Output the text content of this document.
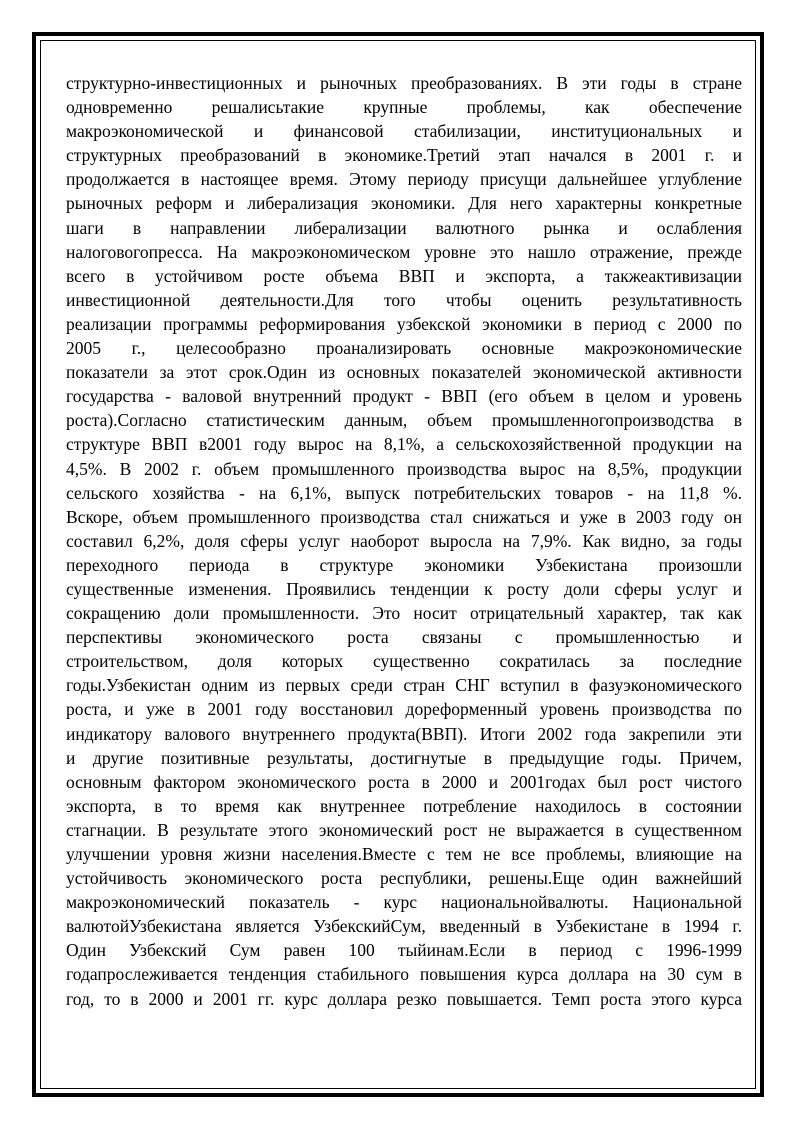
структурно-инвестиционных и рыночных преобразованиях. В эти годы в стране
одновременно решалисьтакие крупные проблемы, как обеспечение
макроэкономической и финансовой стабилизации, институциональных и
структурных преобразований в экономике.Третий этап начался в 2001 г. и
продолжается в настоящее время. Этому периоду присущи дальнейшее углубление
рыночных реформ и либерализация экономики. Для него характерны конкретные
шаги в направлении либерализации валютного рынка и ослабления
налоговогопресса. На макроэкономическом уровне это нашло отражение, прежде
всего в устойчивом росте объема ВВП и экспорта, а такжеактивизации
инвестиционной деятельности.Для того чтобы оценить результативность
реализации программы реформирования узбекской экономики в период с 2000 по
2005 г., целесообразно проанализировать основные макроэкономические
показатели за этот срок.Один из основных показателей экономической активности
государства - валовой внутренний продукт - ВВП (его объем в целом и уровень
роста).Согласно статистическим данным, объем промышленногопроизводства в
структуре ВВП в2001 году вырос на 8,1%, а сельскохозяйственной продукции на
4,5%. В 2002 г. объем промышленного производства вырос на 8,5%, продукции
сельского хозяйства - на 6,1%, выпуск потребительских товаров - на 11,8 %.
Вскоре, объем промышленного производства стал снижаться и уже в 2003 году он
составил 6,2%, доля сферы услуг наоборот выросла на 7,9%. Как видно, за годы
переходного периода в структуре экономики Узбекистана произошли
существенные изменения. Проявились тенденции к росту доли сферы услуг и
сокращению доли промышленности. Это носит отрицательный характер, так как
перспективы экономического роста связаны с промышленностью и
строительством, доля которых существенно сократилась за последние
годы.Узбекистан одним из первых среди стран СНГ вступил в фазуэкономического
роста, и уже в 2001 году восстановил дореформенный уровень производства по
индикатору валового внутреннего продукта(ВВП). Итоги 2002 года закрепили эти
и другие позитивные результаты, достигнутые в предыдущие годы. Причем,
основным фактором экономического роста в 2000 и 2001годах был рост чистого
экспорта, в то время как внутреннее потребление находилось в состоянии
стагнации. В результате этого экономический рост не выражается в существенном
улучшении уровня жизни населения.Вместе с тем не все проблемы, влияющие на
устойчивость экономического роста республики, решены.Еще один важнейший
макроэкономический показатель - курс национальнойвалюты. Национальной
валютойУзбекистана является УзбекскийСум, введенный в Узбекистане в 1994 г.
Один Узбекский Сум равен 100 тыйинам.Если в период с 1996-1999
годапрослеживается тенденция стабильного повышения курса доллара на 30 сум в
год, то в 2000 и 2001 гг. курс доллара резко повышается. Темп роста этого курса
